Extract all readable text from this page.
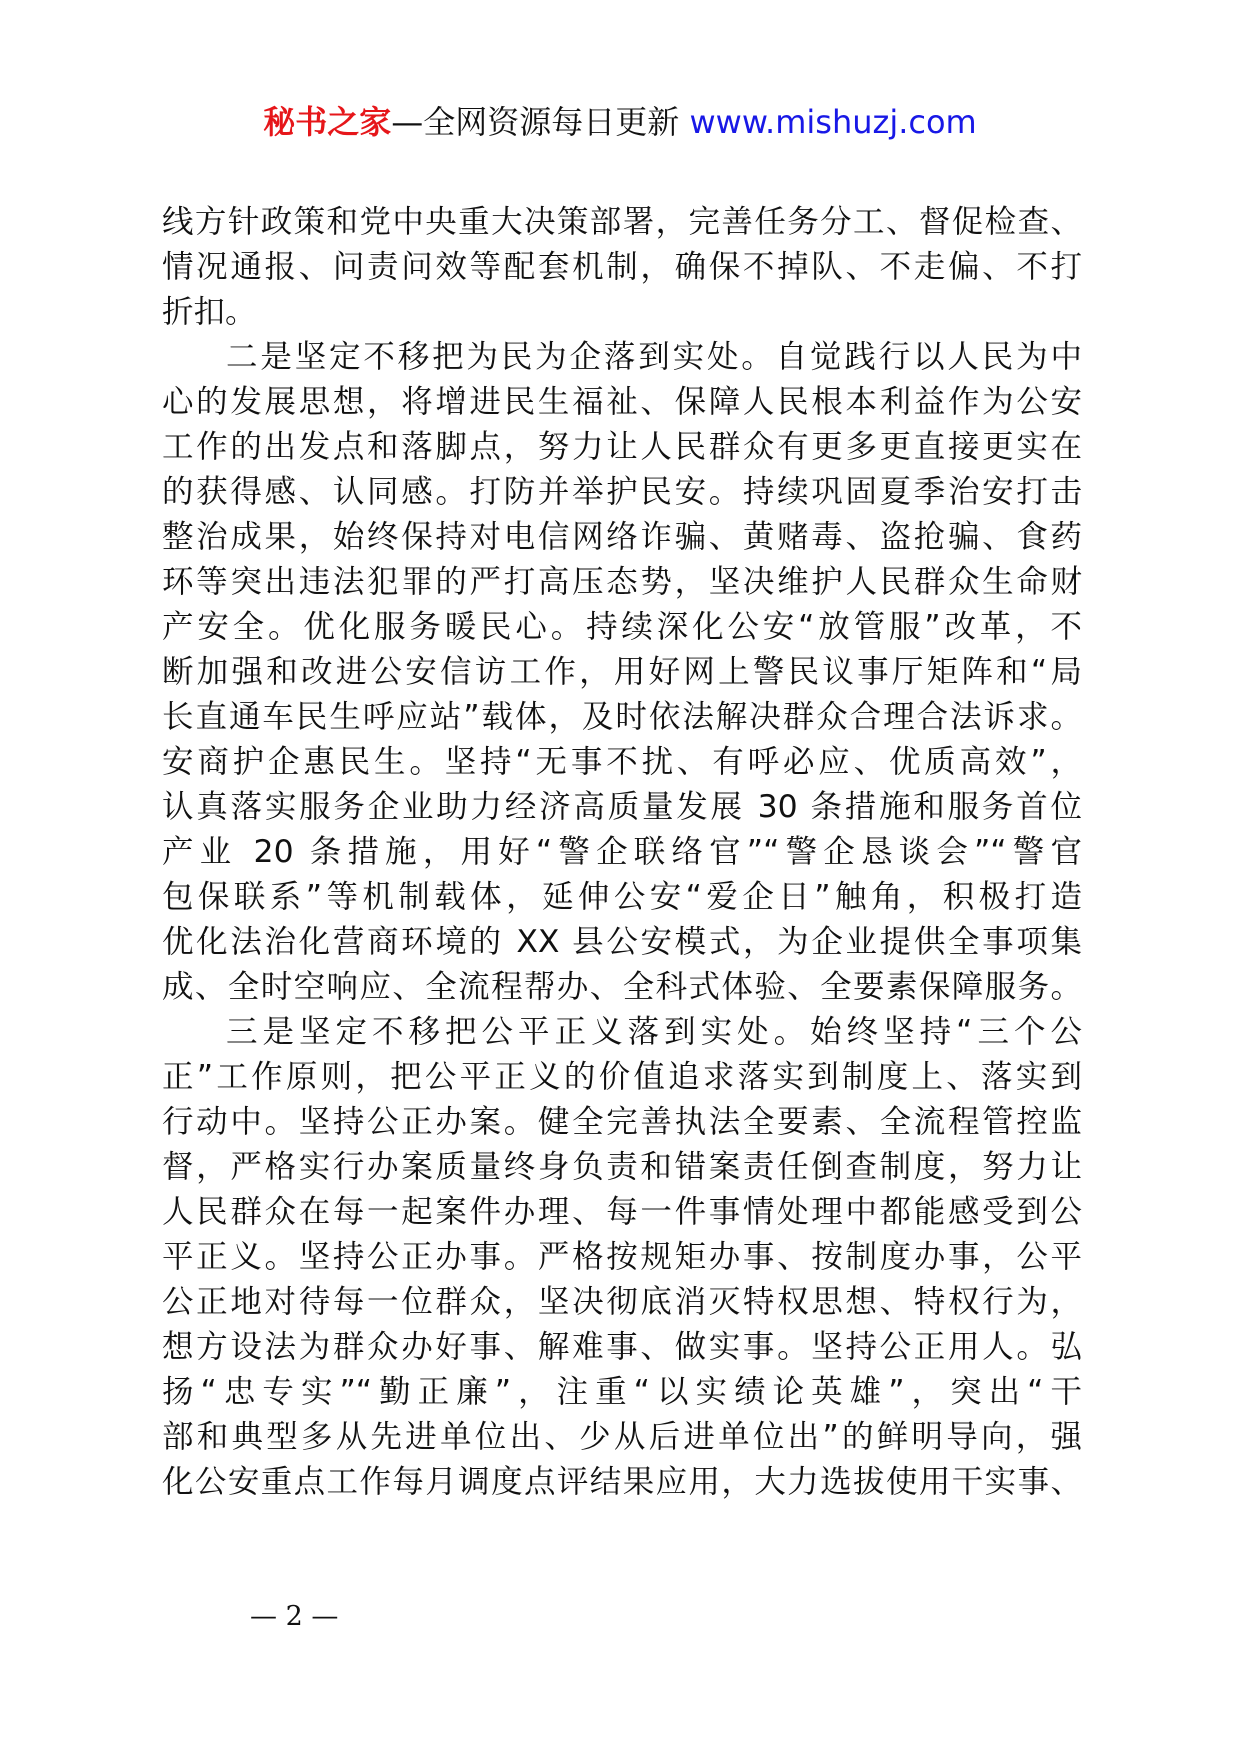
秘书之家—全网资源每日更新 www.mishuzj.com
线方针政策和党中央重大决策部署，完善任务分工、督促检查、
情况通报、问责问效等配套机制，确保不掉队、不走偏、不打
折扣。
二是坚定不移把为民为企落到实处。自觉践行以人民为中
心的发展思想，将增进民生福祉、保障人民根本利益作为公安
工作的出发点和落脚点，努力让人民群众有更多更直接更实在
的获得感、认同感。打防并举护民安。持续巩固夏季治安打击
整治成果，始终保持对电信网络诈骗、黄赌毒、盗抢骗、食药
环等突出违法犯罪的严打高压态势，坚决维护人民群众生命财
产安全。优化服务暖民心。持续深化公安“放管服”改革，不
断加强和改进公安信访工作，用好网上警民议事厅矩阵和“局
长直通车民生呼应站”载体，及时依法解决群众合理合法诉求。
安商护企惠民生。坚持“无事不扰、有呼必应、优质高效”，
认真落实服务企业助力经济高质量发展 30 条措施和服务首位
产业 20 条措施，用好“警企联络官”“警企恳谈会”“警官
包保联系”等机制载体，延伸公安“爱企日”触角，积极打造
优化法治化营商环境的 XX 县公安模式，为企业提供全事项集
成、全时空响应、全流程帮办、全科式体验、全要素保障服务。
三是坚定不移把公平正义落到实处。始终坚持“三个公
正”工作原则，把公平正义的价值追求落实到制度上、落实到
行动中。坚持公正办案。健全完善执法全要素、全流程管控监
督，严格实行办案质量终身负责和错案责任倒查制度，努力让
人民群众在每一起案件办理、每一件事情处理中都能感受到公
平正义。坚持公正办事。严格按规矩办事、按制度办事，公平
公正地对待每一位群众，坚决彻底消灭特权思想、特权行为，
想方设法为群众办好事、解难事、做实事。坚持公正用人。弘
扬“忠专实”“勤正廉”，注重“以实绩论英雄”，突出“干
部和典型多从先进单位出、少从后进单位出”的鲜明导向，强
化公安重点工作每月调度点评结果应用，大力选拔使用干实事、
— 2 —
